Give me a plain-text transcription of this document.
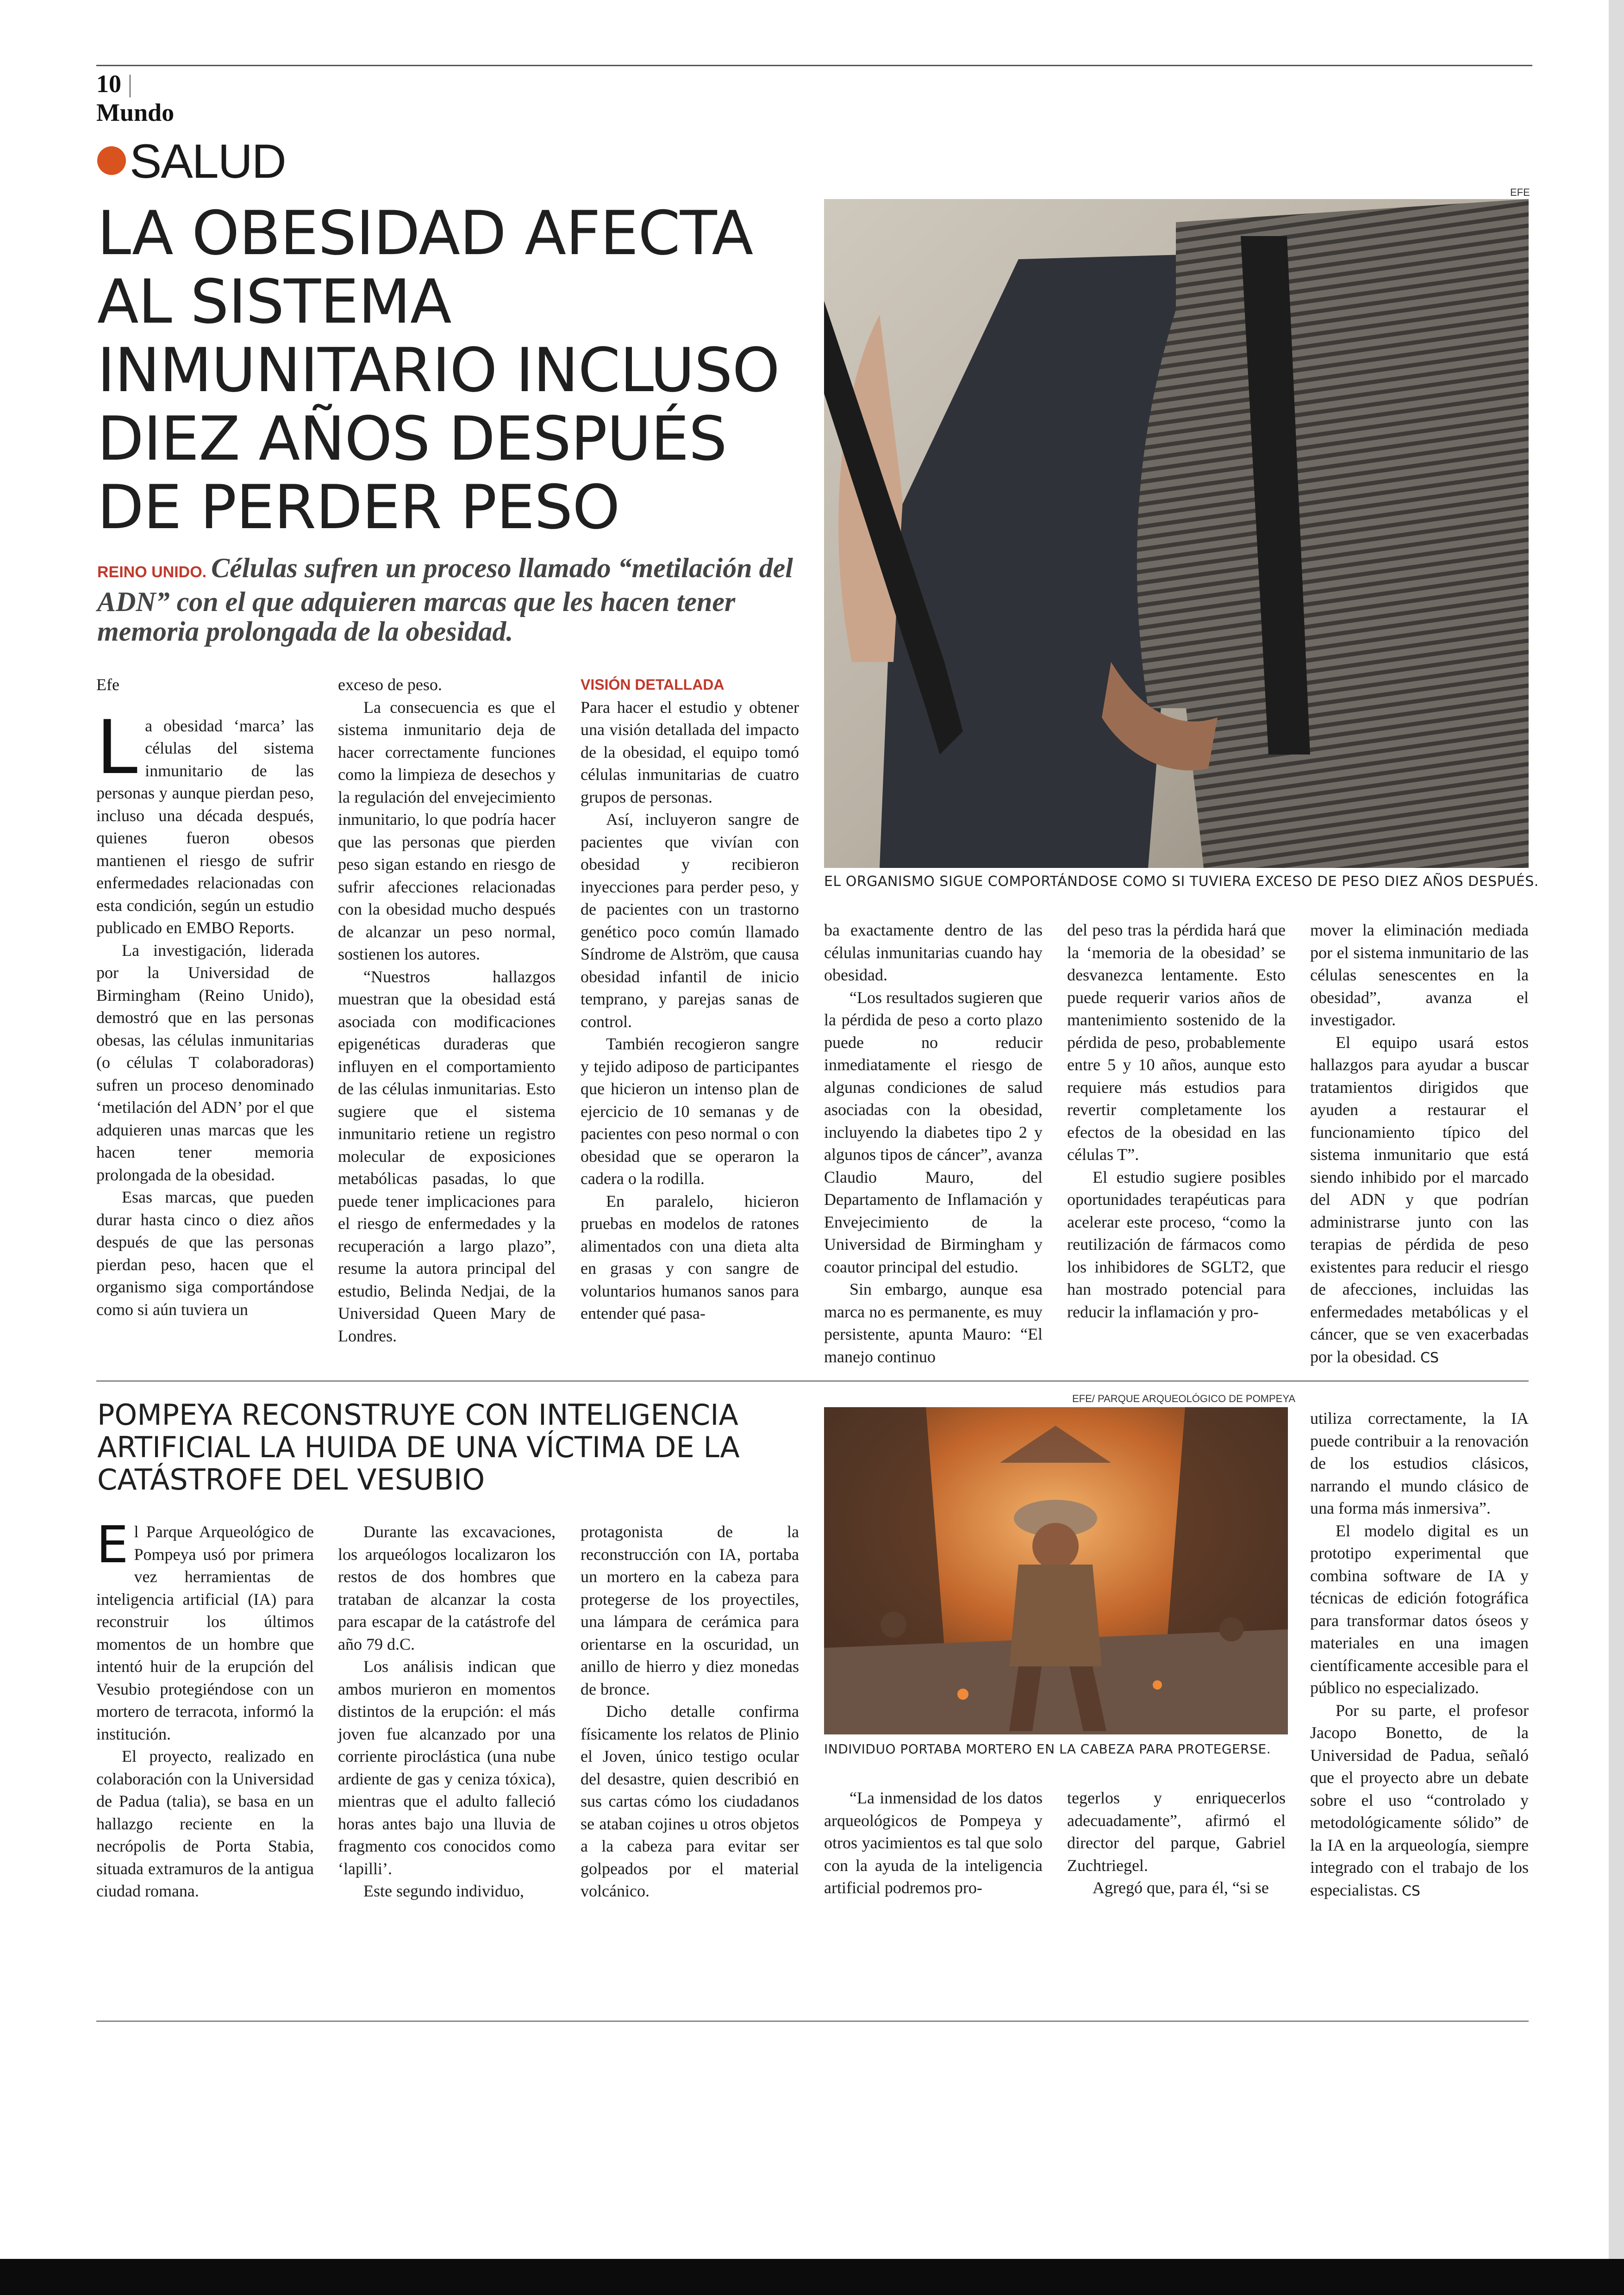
10 | Mundo
SALUD
LA OBESIDAD AFECTA AL SISTEMA INMUNITARIO INCLUSO DIEZ AÑOS DESPUÉS DE PERDER PESO

REINO UNIDO. Células sufren un proceso llamado “metilación del ADN” con el que adquieren marcas que les hacen tener memoria prolongada de la obesidad.

EFE
EL ORGANISMO SIGUE COMPORTÁNDOSE COMO SI TUVIERA EXCESO DE PESO DIEZ AÑOS DESPUÉS.

Efe

L a obesidad ‘marca’ las células del sistema inmunitario de las personas y aunque pierdan peso, incluso una década después, quienes fueron obesos mantienen el riesgo de sufrir enfermedades relacionadas con esta condición, según un estudio publicado en EMBO Reports.

La investigación, liderada por la Universidad de Birmingham (Reino Unido), demostró que en las personas obesas, las células inmunitarias (o células T colaboradoras) sufren un proceso denominado ‘metilación del ADN’ por el que adquieren unas marcas que les hacen tener memoria prolongada de la obesidad.

Esas marcas, que pueden durar hasta cinco o diez años después de que las personas pierdan peso, hacen que el organismo siga comportándose como si aún tuviera un

exceso de peso.

La consecuencia es que el sistema inmunitario deja de hacer correctamente funciones como la limpieza de desechos y la regulación del envejecimiento inmunitario, lo que podría hacer que las personas que pierden peso sigan estando en riesgo de sufrir afecciones relacionadas con la obesidad mucho después de alcanzar un peso normal, sostienen los autores.

“Nuestros hallazgos muestran que la obesidad está asociada con modificaciones epigenéticas duraderas que influyen en el comportamiento de las células inmunitarias. Esto sugiere que el sistema inmunitario retiene un registro molecular de exposiciones metabólicas pasadas, lo que puede tener implicaciones para el riesgo de enfermedades y la recuperación a largo plazo”, resume la autora principal del estudio, Belinda Nedjai, de la Universidad Queen Mary de Londres.

VISIÓN DETALLADA

Para hacer el estudio y obtener una visión detallada del impacto de la obesidad, el equipo tomó células inmunitarias de cuatro grupos de personas.

Así, incluyeron sangre de pacientes que vivían con obesidad y recibieron inyecciones para perder peso, y de pacientes con un trastorno genético poco común llamado Síndrome de Alström, que causa obesidad infantil de inicio temprano, y parejas sanas de control.

También recogieron sangre y tejido adiposo de participantes que hicieron un intenso plan de ejercicio de 10 semanas y de pacientes con peso normal o con obesidad que se operaron la cadera o la rodilla.

En paralelo, hicieron pruebas en modelos de ratones alimentados con una dieta alta en grasas y con sangre de voluntarios humanos sanos para entender qué pasa-

ba exactamente dentro de las células inmunitarias cuando hay obesidad.

“Los resultados sugieren que la pérdida de peso a corto plazo puede no reducir inmediatamente el riesgo de algunas condiciones de salud asociadas con la obesidad, incluyendo la diabetes tipo 2 y algunos tipos de cáncer”, avanza Claudio Mauro, del Departamento de Inflamación y Envejecimiento de la Universidad de Birmingham y coautor principal del estudio.

Sin embargo, aunque esa marca no es permanente, es muy persistente, apunta Mauro: “El manejo continuo

del peso tras la pérdida hará que la ‘memoria de la obesidad’ se desvanezca lentamente. Esto puede requerir varios años de mantenimiento sostenido de la pérdida de peso, probablemente entre 5 y 10 años, aunque esto requiere más estudios para revertir completamente los efectos de la obesidad en las células T”.

El estudio sugiere posibles oportunidades terapéuticas para acelerar este proceso, “como la reutilización de fármacos como los inhibidores de SGLT2, que han mostrado potencial para reducir la inflamación y pro-

mover la eliminación mediada por el sistema inmunitario de las células senescentes en la obesidad”, avanza el investigador.

El equipo usará estos hallazgos para ayudar a buscar tratamientos dirigidos que ayuden a restaurar el funcionamiento típico del sistema inmunitario que está siendo inhibido por el marcado del ADN y que podrían administrarse junto con las terapias de pérdida de peso existentes para reducir el riesgo de afecciones, incluidas las enfermedades metabólicas y el cáncer, que se ven exacerbadas por la obesidad. CS

POMPEYA RECONSTRUYE CON INTELIGENCIA ARTIFICIAL LA HUIDA DE UNA VÍCTIMA DE LA CATÁSTROFE DEL VESUBIO
EFE/ PARQUE ARQUEOLÓGICO DE POMPEYA
INDIVIDUO PORTABA MORTERO EN LA CABEZA PARA PROTEGERSE.
E l Parque Arqueológico de Pompeya usó por primera vez herramientas de inteligencia artificial (IA) para reconstruir los últimos momentos de un hombre que intentó huir de la erupción del Vesubio protegiéndose con un mortero de terracota, informó la institución.

El proyecto, realizado en colaboración con la Universidad de Padua (talia), se basa en un hallazgo reciente en la necrópolis de Porta Stabia, situada extramuros de la antigua ciudad romana.

Durante las excavaciones, los arqueólogos localizaron los restos de dos hombres que trataban de alcanzar la costa para escapar de la catástrofe del año 79 d.C.

Los análisis indican que ambos murieron en momentos distintos de la erupción: el más joven fue alcanzado por una corriente piroclástica (una nube ardiente de gas y ceniza tóxica), mientras que el adulto falleció horas antes bajo una lluvia de fragmento cos conocidos como ‘lapilli’.

Este segundo individuo,

protagonista de la reconstrucción con IA, portaba un mortero en la cabeza para protegerse de los proyectiles, una lámpara de cerámica para orientarse en la oscuridad, un anillo de hierro y diez monedas de bronce.

Dicho detalle confirma físicamente los relatos de Plinio el Joven, único testigo ocular del desastre, quien describió en sus cartas cómo los ciudadanos se ataban cojines u otros objetos a la cabeza para evitar ser golpeados por el material volcánico.

“La inmensidad de los datos arqueológicos de Pompeya y otros yacimientos es tal que solo con la ayuda de la inteligencia artificial podremos pro-

tegerlos y enriquecerlos adecuadamente”, afirmó el director del parque, Gabriel Zuchtriegel.

Agregó que, para él, “si se

utiliza correctamente, la IA puede contribuir a la renovación de los estudios clásicos, narrando el mundo clásico de una forma más inmersiva”.

El modelo digital es un prototipo experimental que combina software de IA y técnicas de edición fotográfica para transformar datos óseos y materiales en una imagen científicamente accesible para el público no especializado.

Por su parte, el profesor Jacopo Bonetto, de la Universidad de Padua, señaló que el proyecto abre un debate sobre el uso “controlado y metodológicamente sólido” de la IA en la arqueología, siempre integrado con el trabajo de los especialistas. CS
